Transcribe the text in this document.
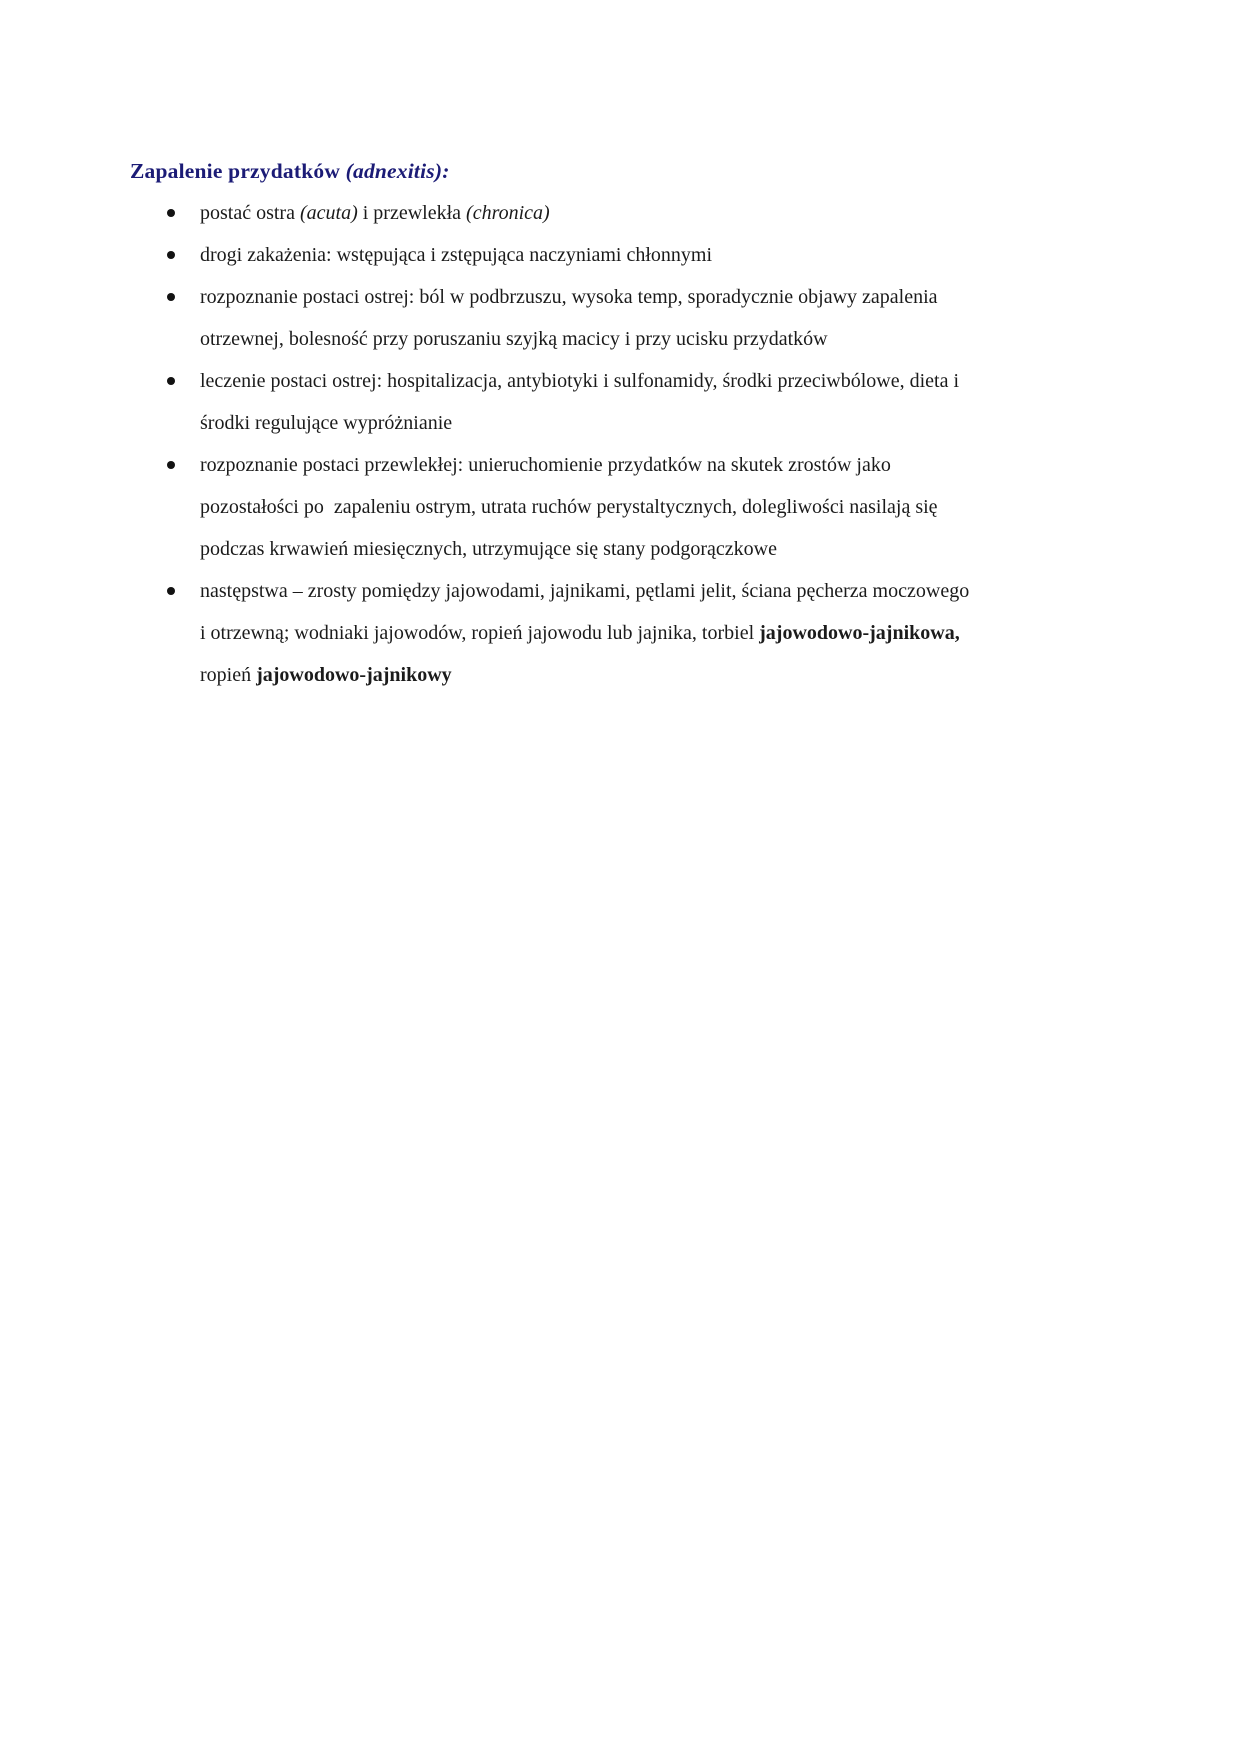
Zapalenie przydatków (adnexitis):
postać ostra (acuta) i przewlekła (chronica)
drogi zakażenia: wstępująca i zstępująca naczyniami chłonnymi
rozpoznanie postaci ostrej: ból w podbrzuszu, wysoka temp, sporadycznie objawy zapalenia otrzewnej, bolesność przy poruszaniu szyjką macicy i przy ucisku przydatków
leczenie postaci ostrej: hospitalizacja, antybiotyki i sulfonamidy, środki przeciwbólowe, dieta i środki regulujące wypróżnianie
rozpoznanie postaci przewlekłej: unieruchomienie przydatków na skutek zrostów jako pozostałości po  zapaleniu ostrym, utrata ruchów perystaltycznych, dolegliwości nasilają się podczas krwawień miesięcznych, utrzymujące się stany podgorączkowe
następstwa – zrosty pomiędzy jajowodami, jajnikami, pętlami jelit, ściana pęcherza moczowego i otrzewną; wodniaki jajowodów, ropień jajowodu lub jajnika, torbiel jajowodowo-jajnikowa, ropień jajowodowo-jajnikowy
